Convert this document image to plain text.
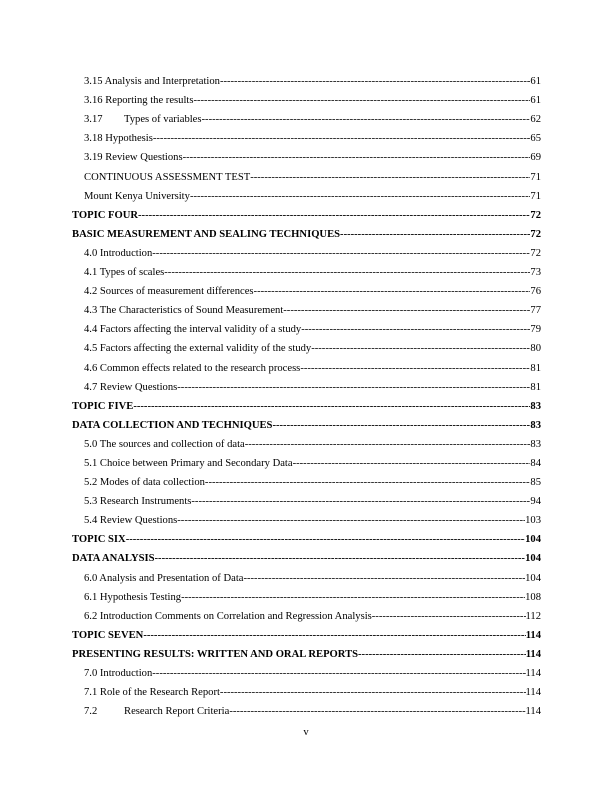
3.15 Analysis and Interpretation -----	61
3.16 Reporting the results -----	61
3.17 Types of variables -----	62
3.18 Hypothesis -----	65
3.19 Review Questions -----	69
CONTINUOUS ASSESSMENT TEST -----	71
Mount Kenya University -----	71
TOPIC FOUR -----	72
BASIC MEASUREMENT AND SEALING TECHNIQUES -----	72
4.0 Introduction -----	72
4.1 Types of scales -----	73
4.2 Sources of measurement differences -----	76
4.3 The Characteristics of Sound Measurement -----	77
4.4 Factors affecting the interval validity of a study -----	79
4.5 Factors affecting the external validity of the study -----	80
4.6 Common effects related to the research process -----	81
4.7 Review Questions -----	81
TOPIC FIVE -----	83
DATA COLLECTION AND TECHNIQUES -----	83
5.0 The sources and collection of data -----	83
5.1 Choice between Primary and Secondary Data -----	84
5.2 Modes of data collection -----	85
5.3 Research Instruments -----	94
5.4 Review Questions -----	103
TOPIC SIX -----	104
DATA ANALYSIS -----	104
6.0 Analysis and Presentation of Data -----	104
6.1 Hypothesis Testing -----	108
6.2 Introduction Comments on Correlation and Regression Analysis -----	112
TOPIC SEVEN -----	114
PRESENTING RESULTS: WRITTEN AND ORAL REPORTS -----	114
7.0 Introduction -----	114
7.1 Role of the Research Report -----	114
7.2	Research Report Criteria -----	114
v
